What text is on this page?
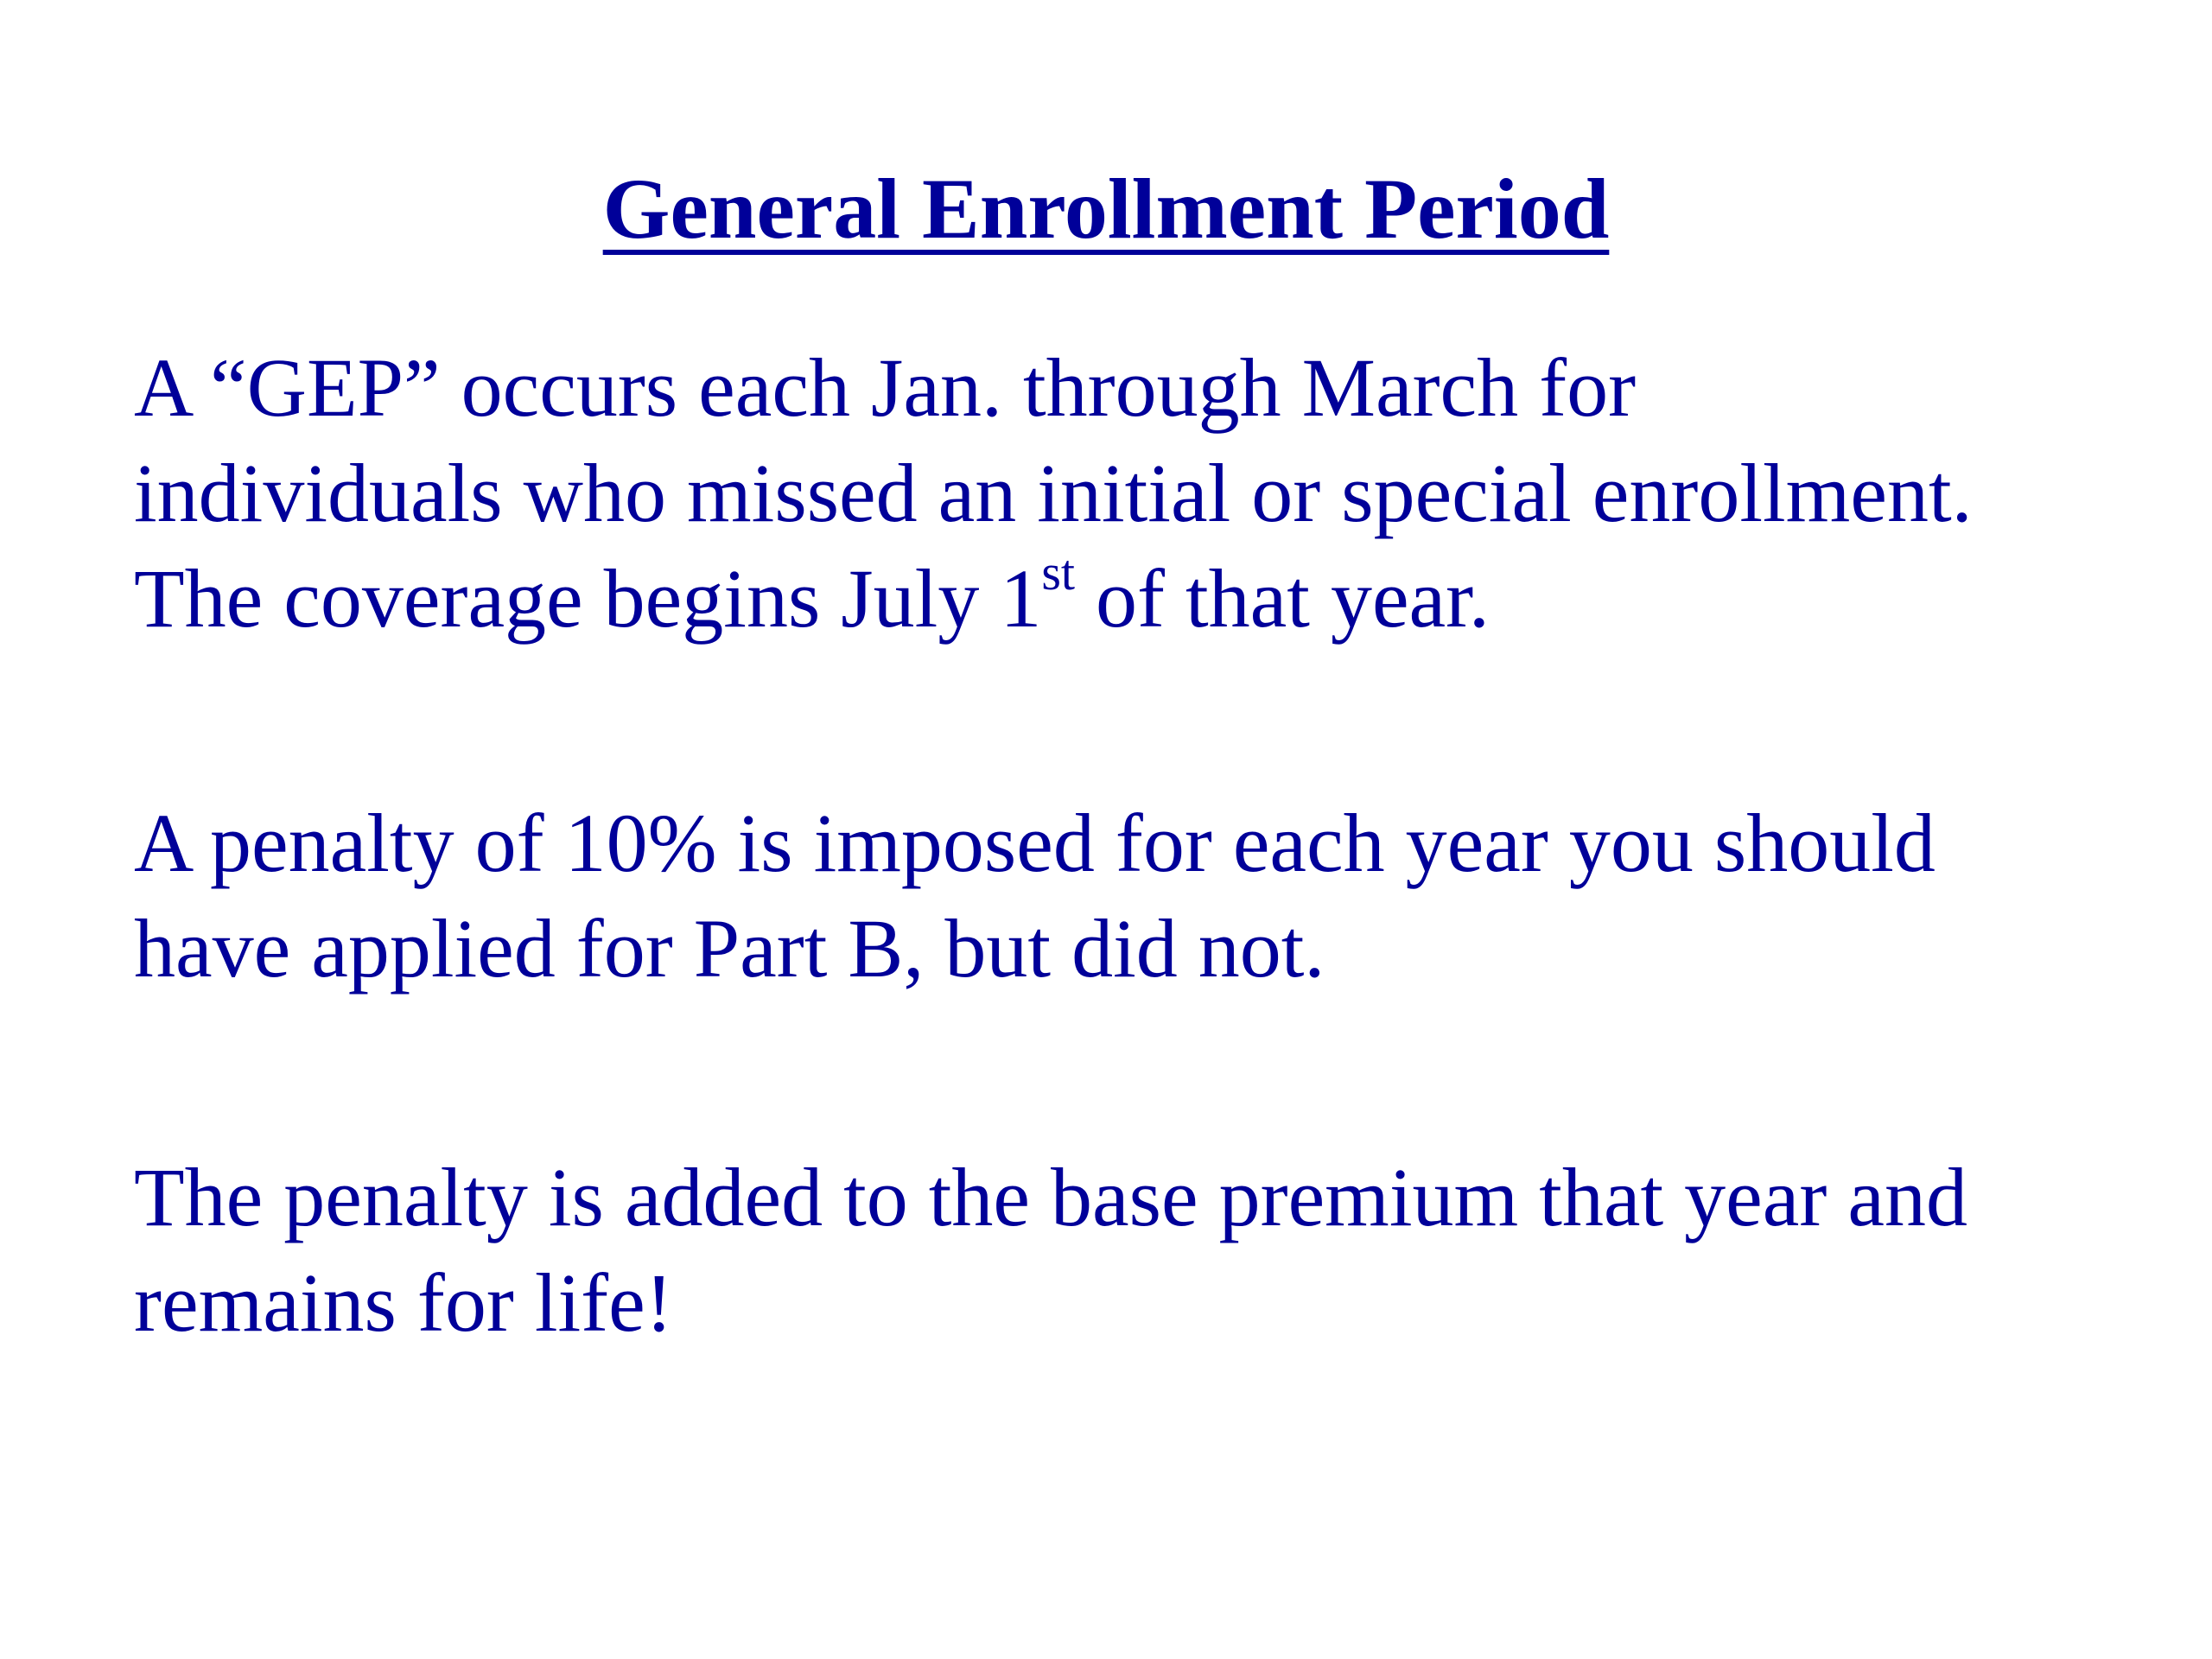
General Enrollment Period

A “GEP” occurs each Jan. through March for
individuals who missed an initial or special enrollment.
The coverage begins July 1st of that year.

A penalty of 10% is imposed for each year you should
have applied for Part B, but did not.

The penalty is added to the base premium that year and
remains for life!
